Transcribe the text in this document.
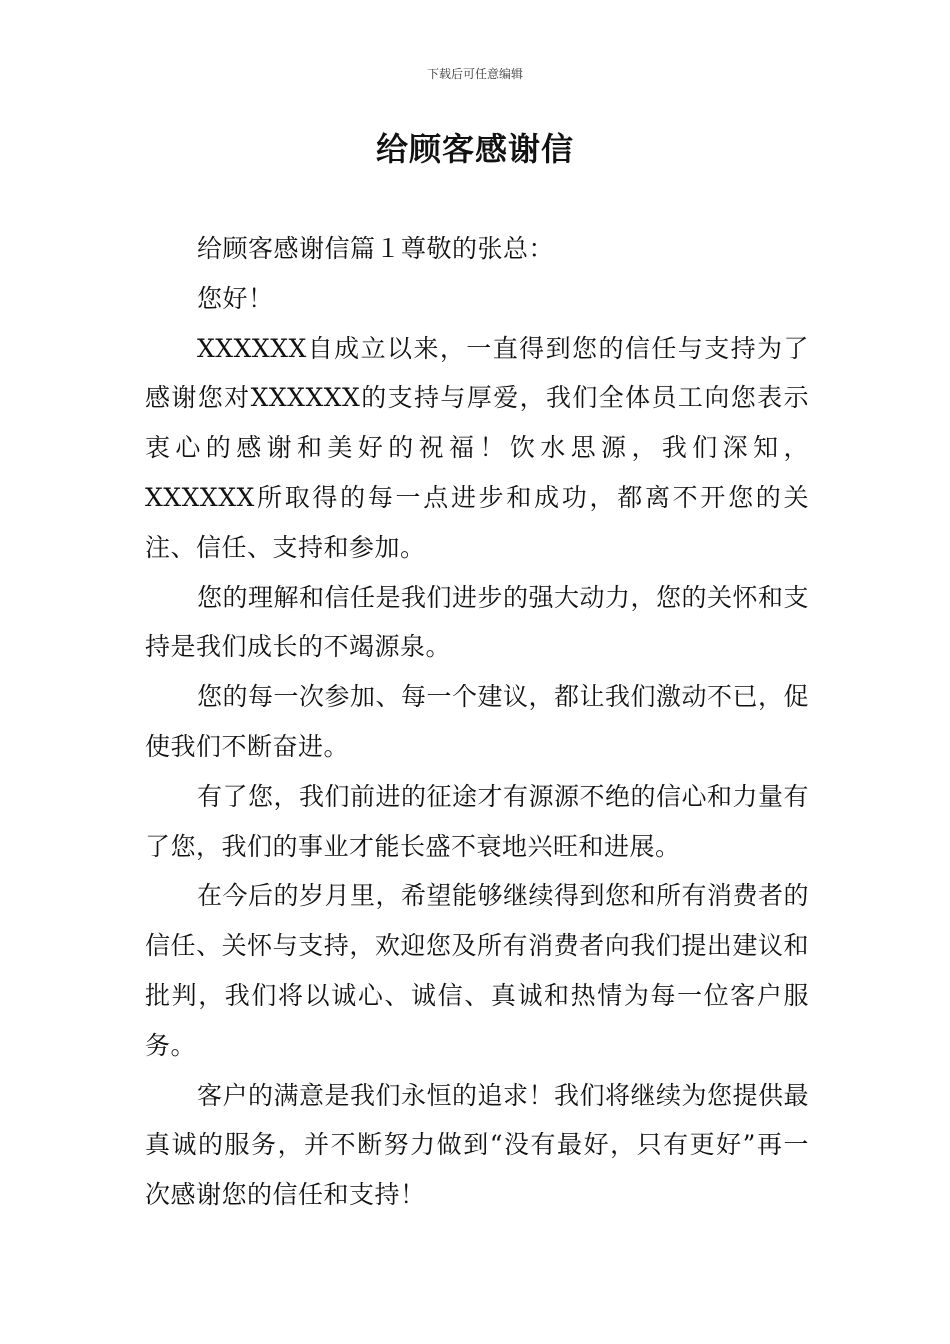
下载后可任意编辑
给顾客感谢信

给顾客感谢信篇１尊敬的张总：

您好！

XXXXXX自成立以来，一直得到您的信任与支持为了感谢您对XXXXXX的支持与厚爱，我们全体员工向您表示衷心的感谢和美好的祝福！饮水思源，我们深知，XXXXXX所取得的每一点进步和成功，都离不开您的关注、信任、支持和参加。

您的理解和信任是我们进步的强大动力，您的关怀和支持是我们成长的不竭源泉。

您的每一次参加、每一个建议，都让我们激动不已，促使我们不断奋进。

有了您，我们前进的征途才有源源不绝的信心和力量有了您，我们的事业才能长盛不衰地兴旺和进展。

在今后的岁月里，希望能够继续得到您和所有消费者的信任、关怀与支持，欢迎您及所有消费者向我们提出建议和批判，我们将以诚心、诚信、真诚和热情为每一位客户服务。

客户的满意是我们永恒的追求！我们将继续为您提供最真诚的服务，并不断努力做到“没有最好，只有更好”再一次感谢您的信任和支持！
